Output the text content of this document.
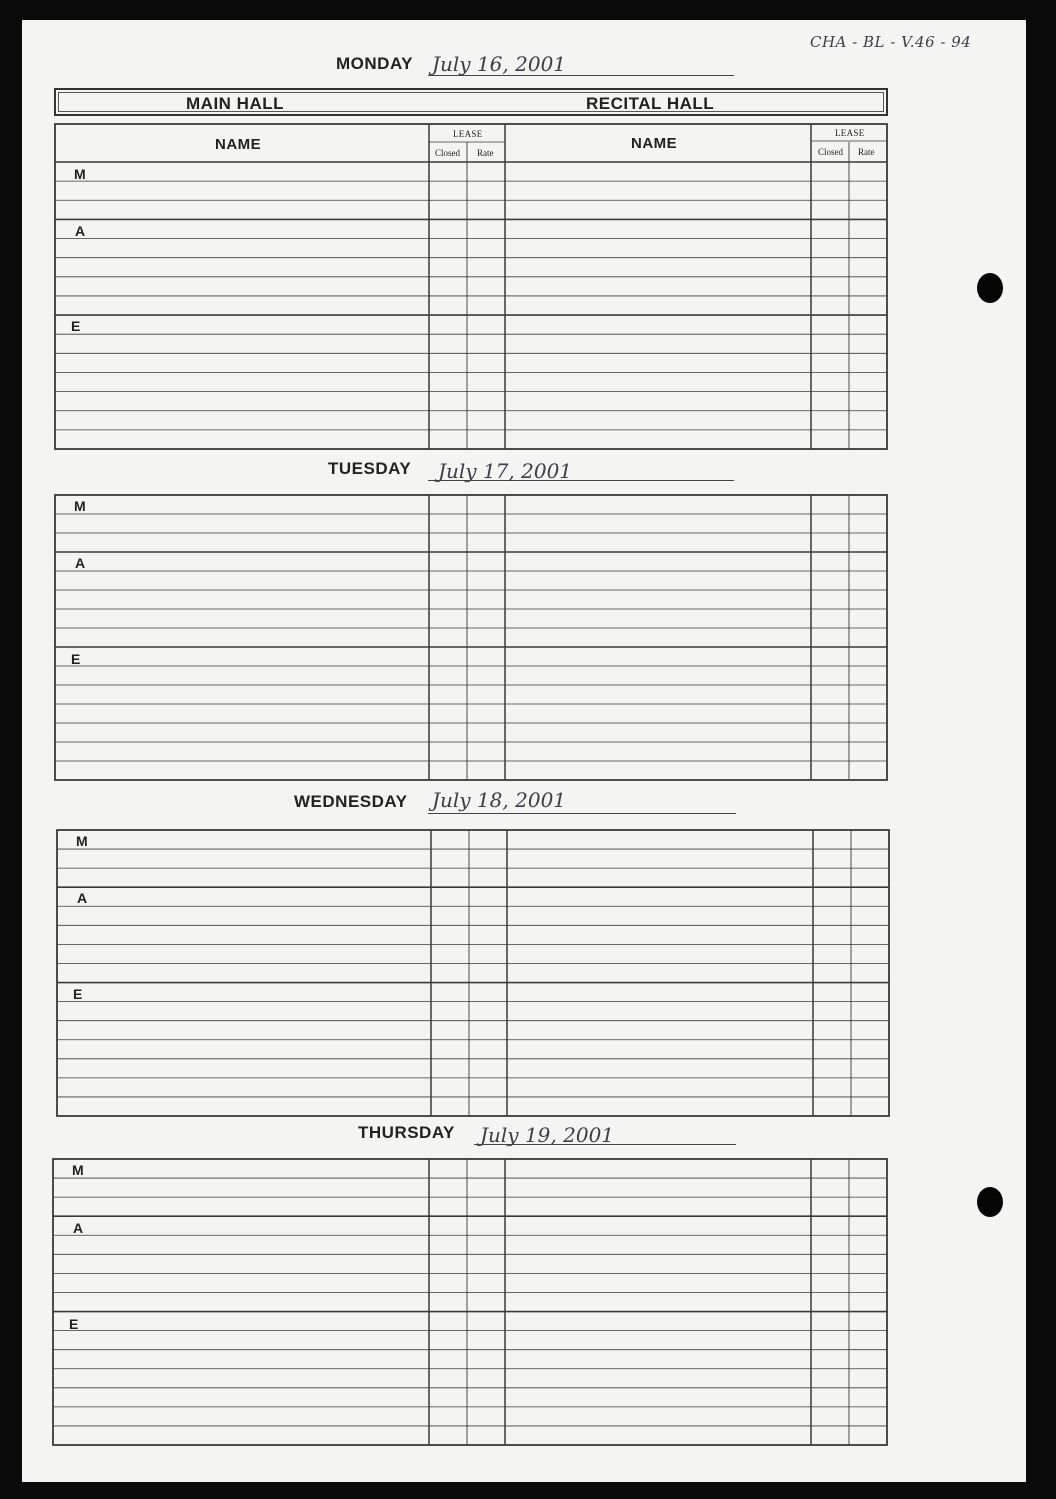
CHA - BL - V.46 - 94
MONDAY July 16, 2001
TUESDAY July 17, 2001
WEDNESDAY July 18, 2001
THURSDAY July 19, 2001
MAIN HALL	RECITAL HALL
NAME	NAME
LEASE	LEASE
Closed Rate	Closed Rate
M
A
E
M
A
E
M
A
E
M
A
E
